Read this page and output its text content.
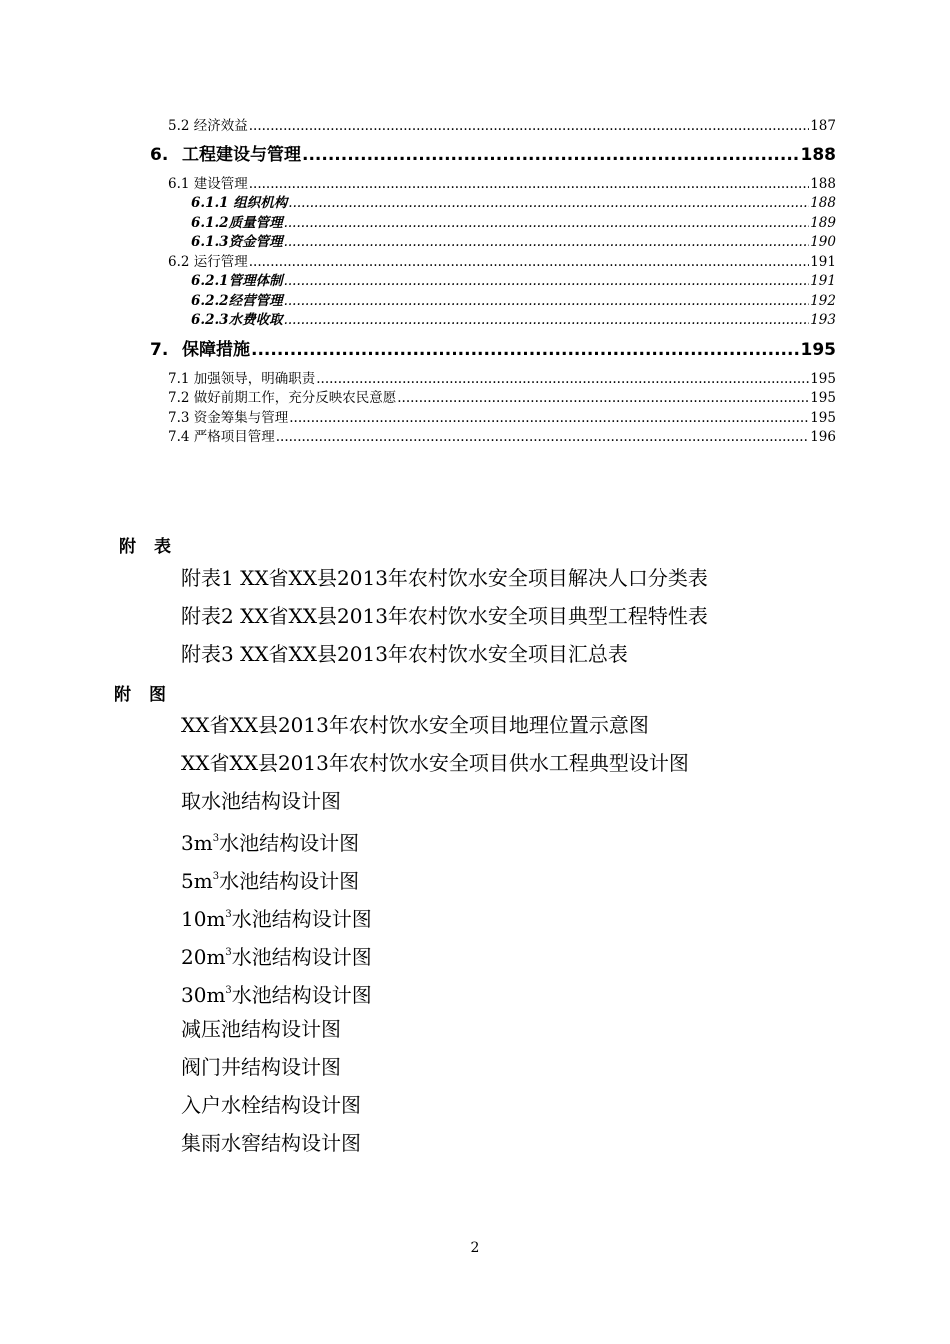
5.2 经济效益 .....	187
6. 工程建设与管理 .....	188
6.1 建设管理 .....	188
6.1.1 组织机构 .....	188
6.1.2质量管理 .....	189
6.1.3资金管理 .....	190
6.2 运行管理 .....	191
6.2.1管理体制 .....	191
6.2.2经营管理 .....	192
6.2.3水费收取 .....	193
7. 保障措施 .....	195
7.1 加强领导，明确职责 .....	195
7.2 做好前期工作，充分反映农民意愿 .....	195
7.3 资金筹集与管理 .....	195
7.4 严格项目管理 .....	196
附 表
附表1 XX省XX县2013年农村饮水安全项目解决人口分类表
附表2 XX省XX县2013年农村饮水安全项目典型工程特性表
附表3 XX省XX县2013年农村饮水安全项目汇总表
附 图
XX省XX县2013年农村饮水安全项目地理位置示意图
XX省XX县2013年农村饮水安全项目供水工程典型设计图
取水池结构设计图
$3m^3$水池结构设计图
$5m^3$水池结构设计图
$10m^3$水池结构设计图
$20m^3$水池结构设计图
$30m^3$水池结构设计图
减压池结构设计图
阀门井结构设计图
入户水栓结构设计图
集雨水窖结构设计图
2
